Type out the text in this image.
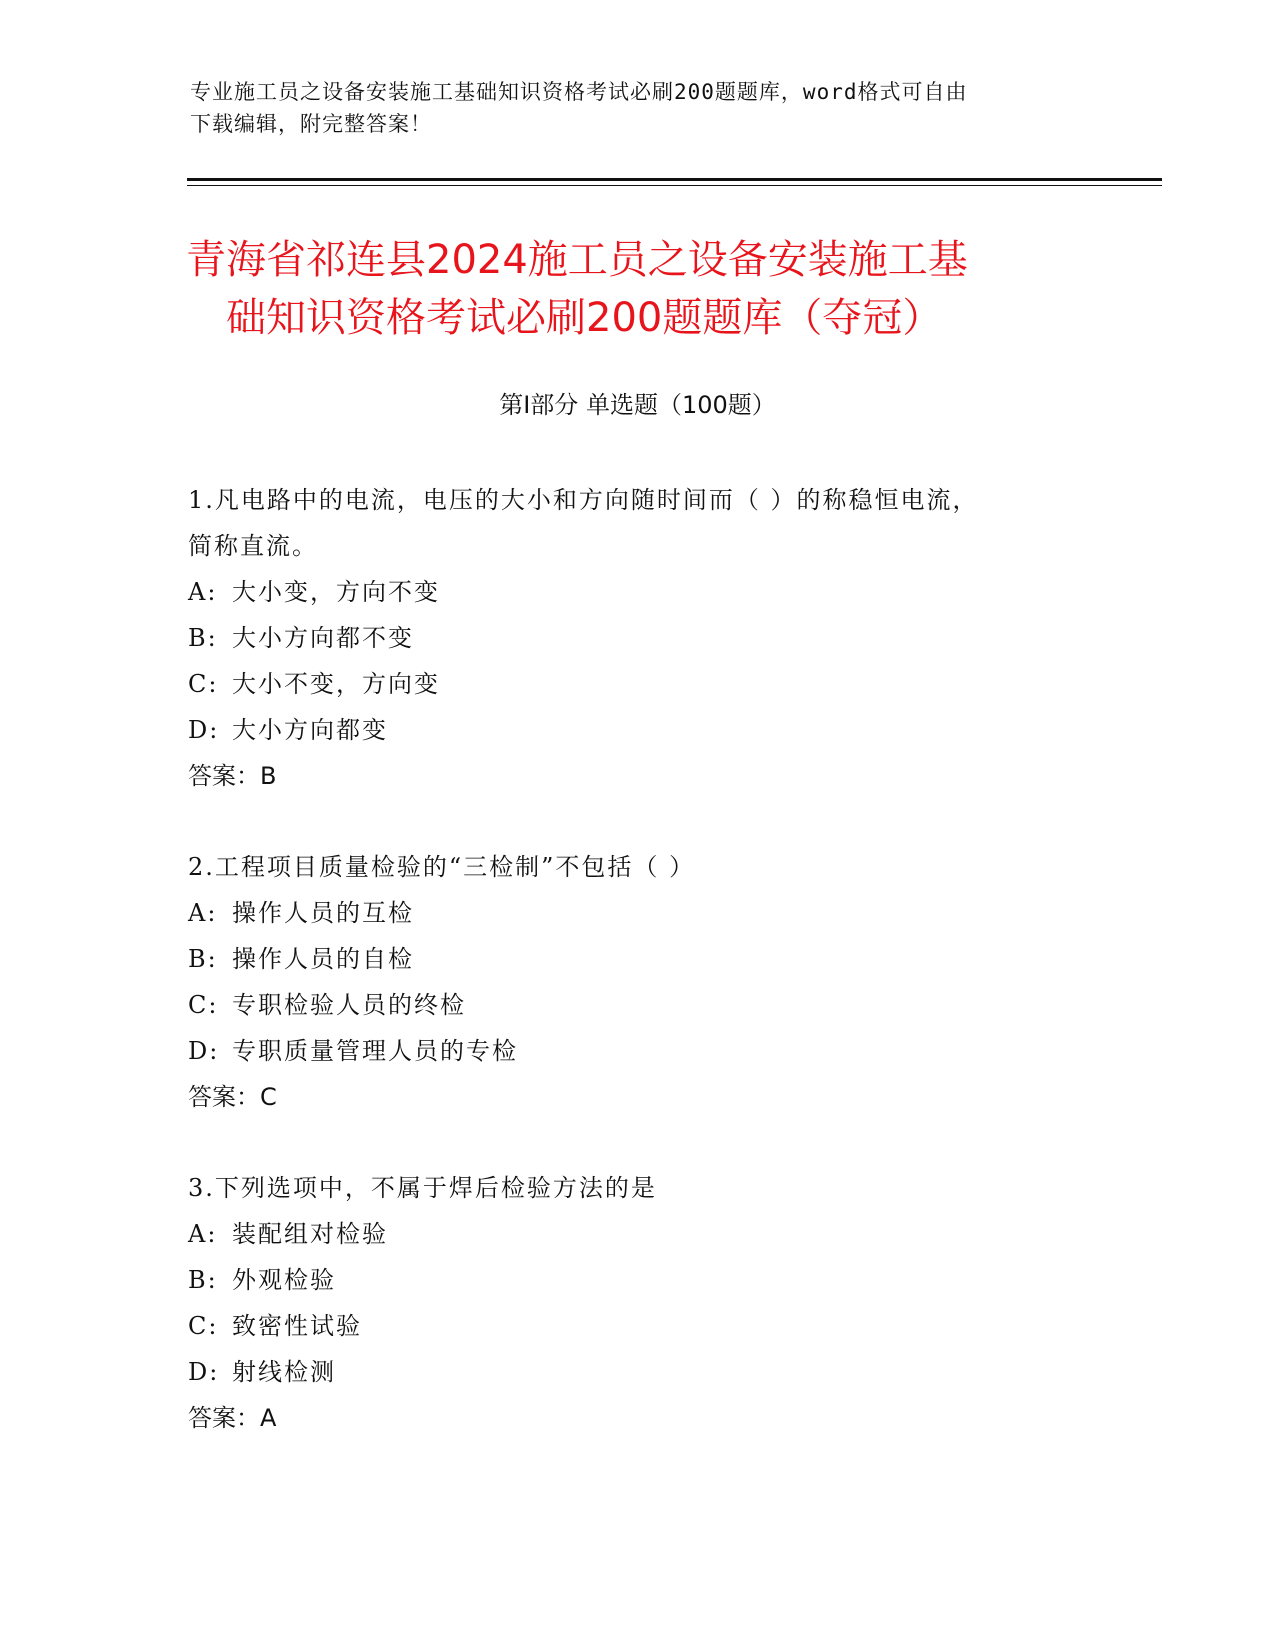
专业施工员之设备安装施工基础知识资格考试必刷200题题库，word格式可自由
下载编辑，附完整答案！
青海省祁连县2024施工员之设备安装施工基
础知识资格考试必刷200题题库（夺冠）
第Ⅰ部分 单选题（100题）

1.凡电路中的电流，电压的大小和方向随时间而（ ）的称稳恒电流，
简称直流。

A: 大小变，方向不变

B: 大小方向都不变

C: 大小不变，方向变

D: 大小方向都变

答案：B

2.工程项目质量检验的“三检制”不包括（ ）

A: 操作人员的互检

B: 操作人员的自检

C: 专职检验人员的终检

D: 专职质量管理人员的专检

答案：C

3.下列选项中，不属于焊后检验方法的是

A: 装配组对检验

B: 外观检验

C: 致密性试验

D: 射线检测

答案：A
